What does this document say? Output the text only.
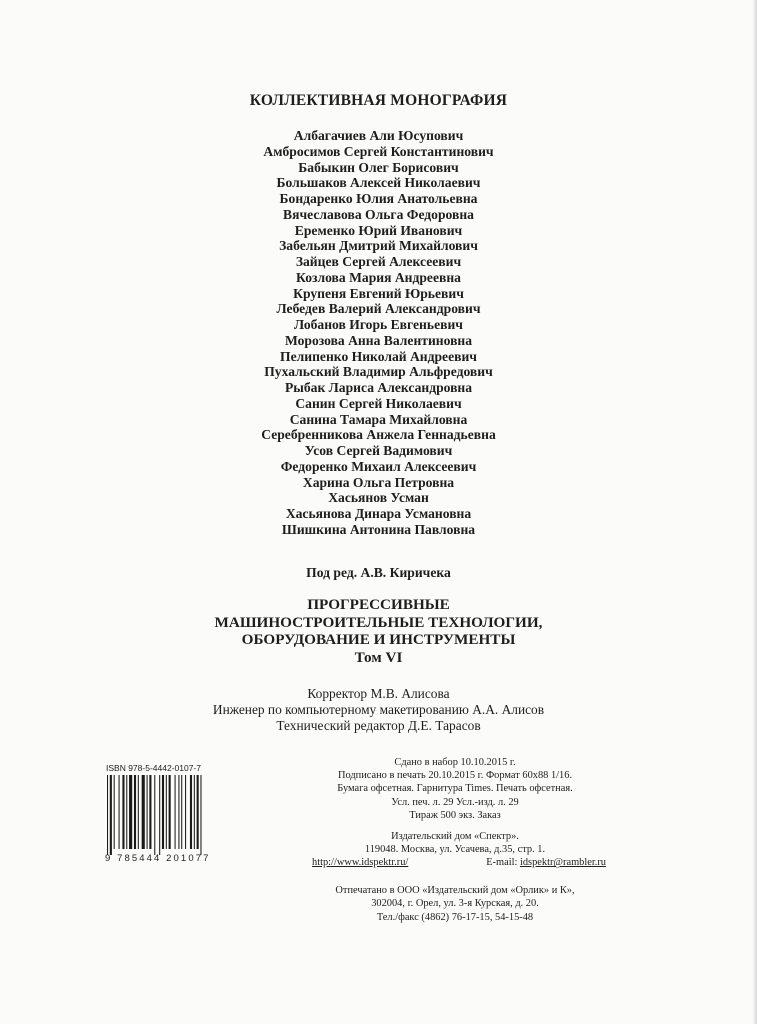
КОЛЛЕКТИВНАЯ МОНОГРАФИЯ
Албагачиев Али Юсупович
Амбросимов Сергей Константинович
Бабыкин Олег Борисович
Большаков Алексей Николаевич
Бондаренко Юлия Анатольевна
Вячеславова Ольга Федоровна
Еременко Юрий Иванович
Забельян Дмитрий Михайлович
Зайцев Сергей Алексеевич
Козлова Мария Андреевна
Крупеня Евгений Юрьевич
Лебедев Валерий Александрович
Лобанов Игорь Евгеньевич
Морозова Анна Валентиновна
Пелипенко Николай Андреевич
Пухальский Владимир Альфредович
Рыбак Лариса Александровна
Санин Сергей Николаевич
Санина Тамара Михайловна
Серебренникова Анжела Геннадьевна
Усов Сергей Вадимович
Федоренко Михаил Алексеевич
Харина Ольга Петровна
Хасьянов Усман
Хасьянова Динара Усмановна
Шишкина Антонина Павловна
Под ред. А.В. Киричека
ПРОГРЕССИВНЫЕ
МАШИНОСТРОИТЕЛЬНЫЕ ТЕХНОЛОГИИ,
ОБОРУДОВАНИЕ И ИНСТРУМЕНТЫ
Том VI
Корректор М.В. Алисова
Инженер по компьютерному макетированию А.А. Алисов
Технический редактор Д.Е. Тарасов
ISBN 978-5-4442-0107-7
9 785444 201077
Сдано в набор 10.10.2015 г.
Подписано в печать 20.10.2015 г. Формат 60х88 1/16.
Бумага офсетная. Гарнитура Times. Печать офсетная.
Усл. печ. л. 29 Усл.-изд. л. 29
Тираж 500 экз. Заказ
Издательский дом «Спектр».
119048. Москва, ул. Усачева, д.35, стр. 1.
http://www.idspektr.ru/	E-mail: idspektr@rambler.ru
Отпечатано в ООО «Издательский дом «Орлик» и К»,
302004, г. Орел, ул. 3-я Курская, д. 20.
Тел./факс (4862) 76-17-15, 54-15-48
